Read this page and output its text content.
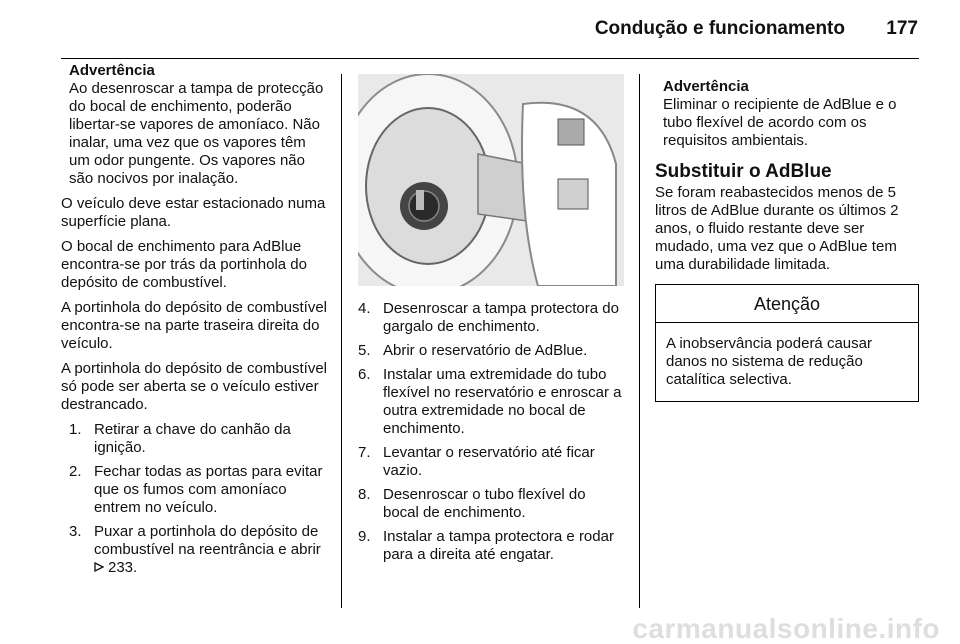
Condução e funcionamento	177
Advertência
Ao desenroscar a tampa de protecção do bocal de enchimento, poderão libertar-se vapores de amoníaco. Não inalar, uma vez que os vapores têm um odor pungente. Os vapores não são nocivos por inalação.

O veículo deve estar estacionado numa superfície plana.

O bocal de enchimento para AdBlue encontra-se por trás da portinhola do depósito de combustível.

A portinhola do depósito de combustível encontra-se na parte traseira direita do veículo.

A portinhola do depósito de combustível só pode ser aberta se o veículo estiver destrancado.

1. Retirar a chave do canhão da ignição.
2. Fechar todas as portas para evitar que os fumos com amoníaco entrem no veículo.
3. Puxar a portinhola do depósito de combustível na reentrância e abrir
233.
4. Desenroscar a tampa protectora do gargalo de enchimento.
5. Abrir o reservatório de AdBlue.
6. Instalar uma extremidade do tubo flexível no reservatório e enroscar a outra extremidade no bocal de enchimento.
7. Levantar o reservatório até ficar vazio.
8. Desenroscar o tubo flexível do bocal de enchimento.
9. Instalar a tampa protectora e rodar para a direita até engatar.
Advertência
Eliminar o recipiente de AdBlue e o tubo flexível de acordo com os requisitos ambientais.
Substituir o AdBlue
Se foram reabastecidos menos de 5 litros de AdBlue durante os últimos 2 anos, o fluido restante deve ser mudado, uma vez que o AdBlue tem uma durabilidade limitada.
Atenção
A inobservância poderá causar danos no sistema de redução catalítica selectiva.
carmanualsonline.info
